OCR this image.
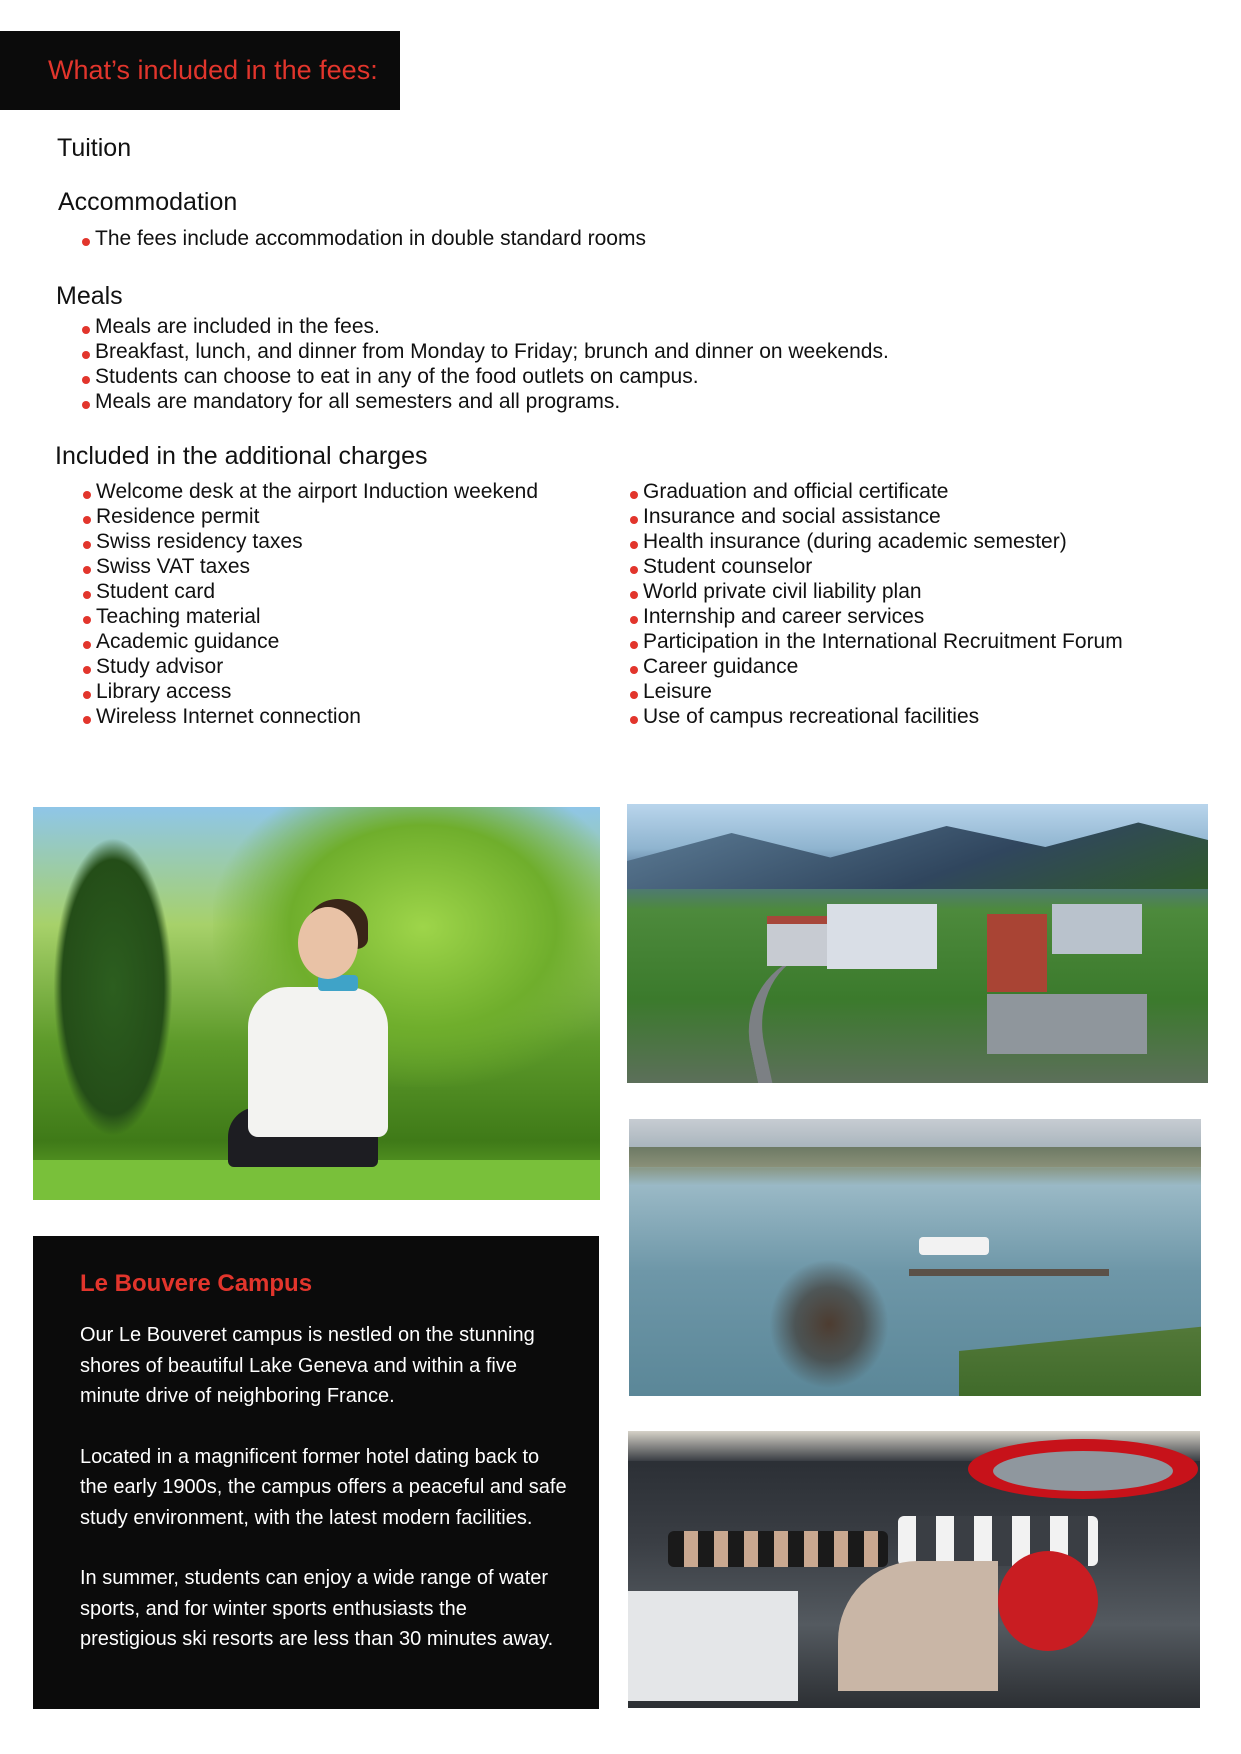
What’s included in the fees:
Tuition
Accommodation
The fees include accommodation in double standard rooms
Meals
Meals are included in the fees.
Breakfast, lunch, and dinner from Monday to Friday; brunch and dinner on weekends.
Students can choose to eat in any of the food outlets on campus.
Meals are mandatory for all semesters and all programs.
Included in the additional charges
Welcome desk at the airport Induction weekend
Residence permit
Swiss residency taxes
Swiss VAT taxes
Student card
Teaching material
Academic guidance
Study advisor
Library access
Wireless Internet connection
Graduation and official certificate
Insurance and social assistance
Health insurance (during academic semester)
Student counselor
World private civil liability plan
Internship and career services
Participation in the International Recruitment Forum
Career guidance
Leisure
Use of campus recreational facilities
Le Bouvere Campus

Our Le Bouveret campus is nestled on the stunning shores of beautiful Lake Geneva and within a five minute drive of neighboring France.

Located in a magnificent former hotel dating back to the early 1900s, the campus offers a peaceful and safe study environment, with the latest modern facilities.

In summer, students can enjoy a wide range of water sports, and for winter sports enthusiasts the prestigious ski resorts are less than 30 minutes away.
